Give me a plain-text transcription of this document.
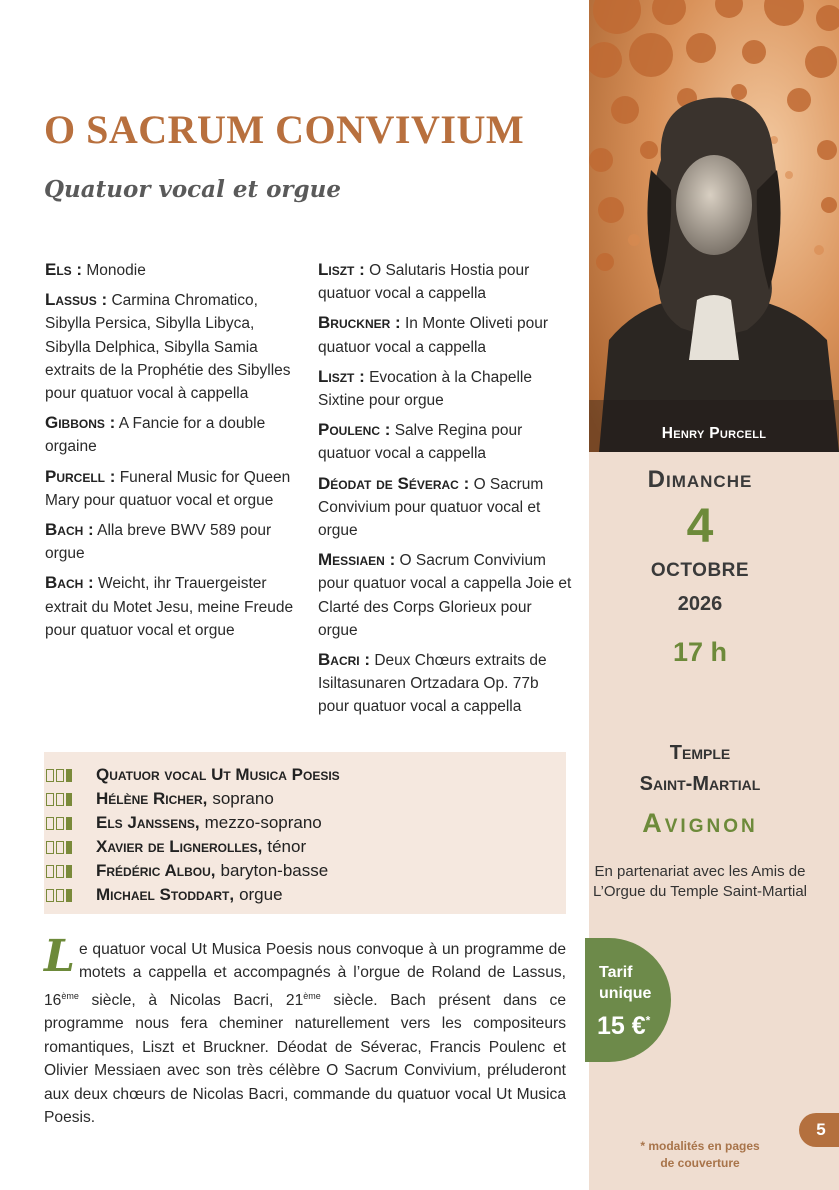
O SACRUM CONVIVIUM
Quatuor vocal et orgue

Els : Monodie

Lassus : Carmina Chromatico, Sibylla Persica, Sibylla Libyca, Sibylla Delphica, Sibylla Samia extraits de la Prophétie des Sibylles pour quatuor vocal à cappella

Gibbons : A Fancie for a double orgaine

Purcell : Funeral Music for Queen Mary pour quatuor vocal et orgue

Bach : Alla breve BWV 589 pour orgue

Bach : Weicht, ihr Trauergeister extrait du Motet Jesu, meine Freude pour quatuor vocal et orgue

Liszt : O Salutaris Hostia pour quatuor vocal a cappella

Bruckner : In Monte Oliveti pour quatuor vocal a cappella

Liszt : Evocation à la Chapelle Sixtine pour orgue

Poulenc : Salve Regina pour quatuor vocal a cappella

Déodat de Séverac : O Sacrum Convivium pour quatuor vocal et orgue

Messiaen : O Sacrum Convivium pour quatuor vocal a cappella Joie et Clarté des Corps Glorieux pour orgue

Bacri : Deux Chœurs extraits de Isiltasunaren Ortzadara Op. 77b pour quatuor vocal a cappella

Quatuor vocal Ut Musica Poesis
Hélène Richer, soprano
Els Janssens, mezzo-soprano
Xavier de Lignerolles, ténor
Frédéric Albou, baryton-basse
Michael Stoddart, orgue

Le quatuor vocal Ut Musica Poesis nous convoque à un programme de motets a cappella et accompagnés à l’orgue de Roland de Lassus, 16ème siècle, à Nicolas Bacri, 21ème siècle. Bach présent dans ce programme nous fera cheminer naturellement vers les compositeurs romantiques, Liszt et Bruckner. Déodat de Séverac, Francis Poulenc et Olivier Messiaen avec son très célèbre O Sacrum Convivium, préluderont aux deux chœurs de Nicolas Bacri, commande du quatuor vocal Ut Musica Poesis.

Henry Purcell
Dimanche
4
OCTOBRE
2026
17 h
Temple
Saint-Martial
Avignon
En partenariat avec les Amis de L’Orgue du Temple Saint-Martial
Tarif
unique
15 €*
5
* modalités en pages
de couverture
